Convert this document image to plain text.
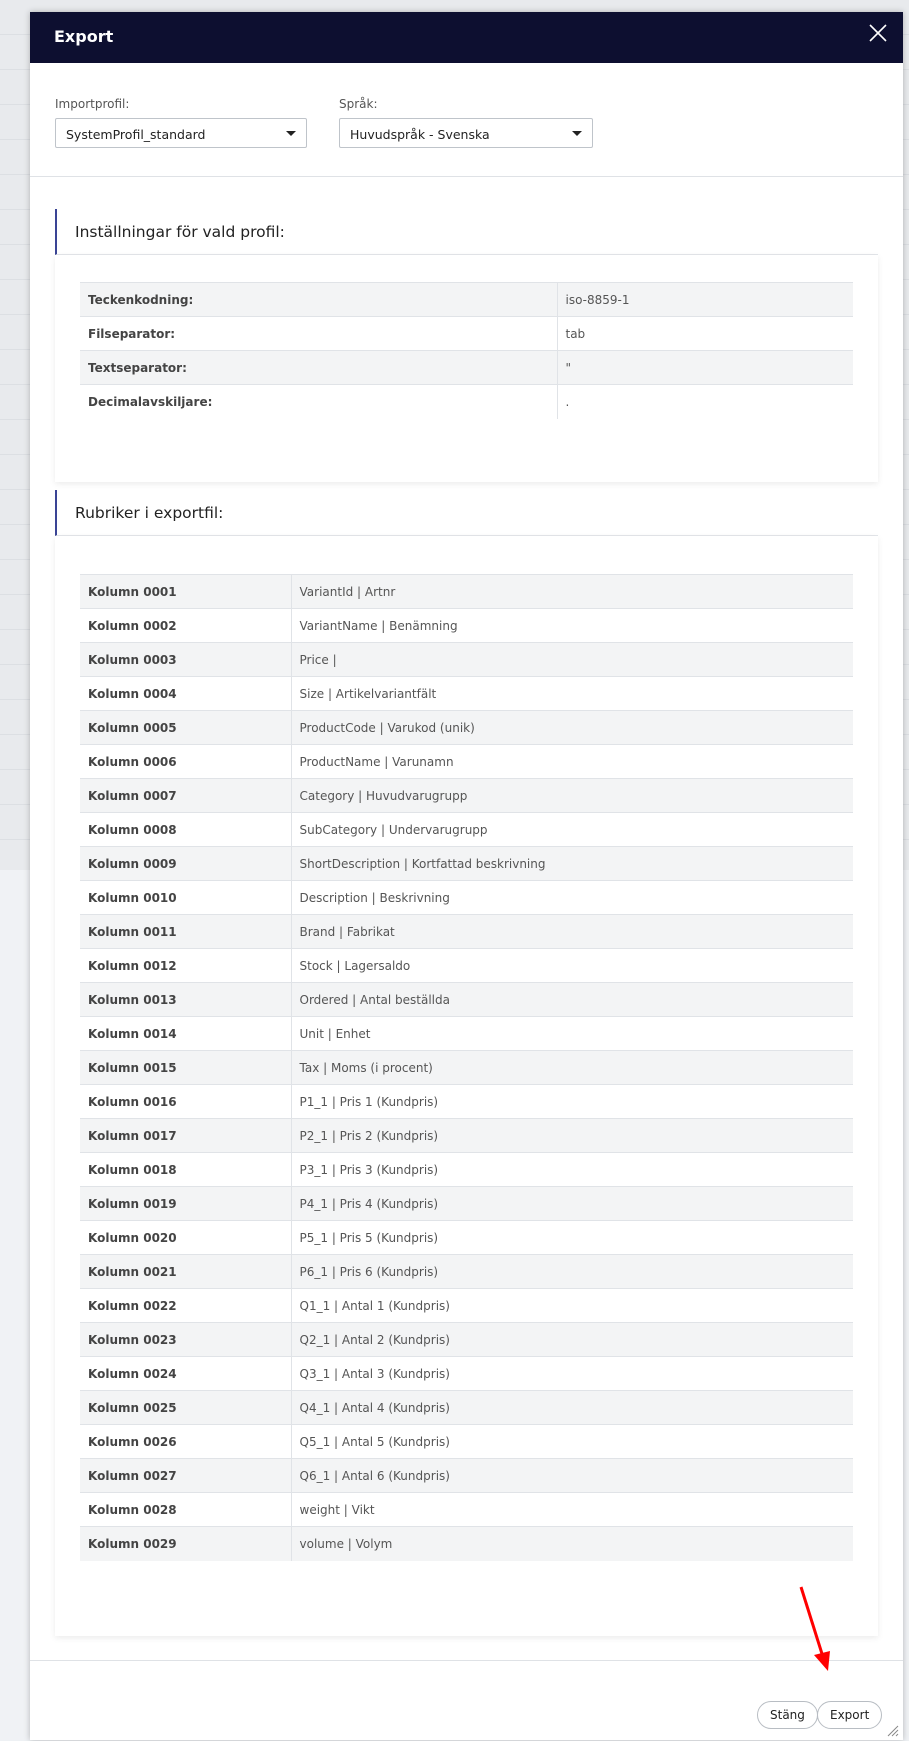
Export
Importprofil:
SystemProfil_standard
Språk:
Huvudspråk - Svenska
Inställningar för vald profil:
Teckenkodning:	iso-8859-1
Filseparator:	tab
Textseparator:	"
Decimalavskiljare:	.
Rubriker i exportfil:
Kolumn 0001	VariantId | Artnr
Kolumn 0002	VariantName | Benämning
Kolumn 0003	Price |
Kolumn 0004	Size | Artikelvariantfält
Kolumn 0005	ProductCode | Varukod (unik)
Kolumn 0006	ProductName | Varunamn
Kolumn 0007	Category | Huvudvarugrupp
Kolumn 0008	SubCategory | Undervarugrupp
Kolumn 0009	ShortDescription | Kortfattad beskrivning
Kolumn 0010	Description | Beskrivning
Kolumn 0011	Brand | Fabrikat
Kolumn 0012	Stock | Lagersaldo
Kolumn 0013	Ordered | Antal beställda
Kolumn 0014	Unit | Enhet
Kolumn 0015	Tax | Moms (i procent)
Kolumn 0016	P1_1 | Pris 1 (Kundpris)
Kolumn 0017	P2_1 | Pris 2 (Kundpris)
Kolumn 0018	P3_1 | Pris 3 (Kundpris)
Kolumn 0019	P4_1 | Pris 4 (Kundpris)
Kolumn 0020	P5_1 | Pris 5 (Kundpris)
Kolumn 0021	P6_1 | Pris 6 (Kundpris)
Kolumn 0022	Q1_1 | Antal 1 (Kundpris)
Kolumn 0023	Q2_1 | Antal 2 (Kundpris)
Kolumn 0024	Q3_1 | Antal 3 (Kundpris)
Kolumn 0025	Q4_1 | Antal 4 (Kundpris)
Kolumn 0026	Q5_1 | Antal 5 (Kundpris)
Kolumn 0027	Q6_1 | Antal 6 (Kundpris)
Kolumn 0028	weight | Vikt
Kolumn 0029	volume | Volym
Stäng	Export
